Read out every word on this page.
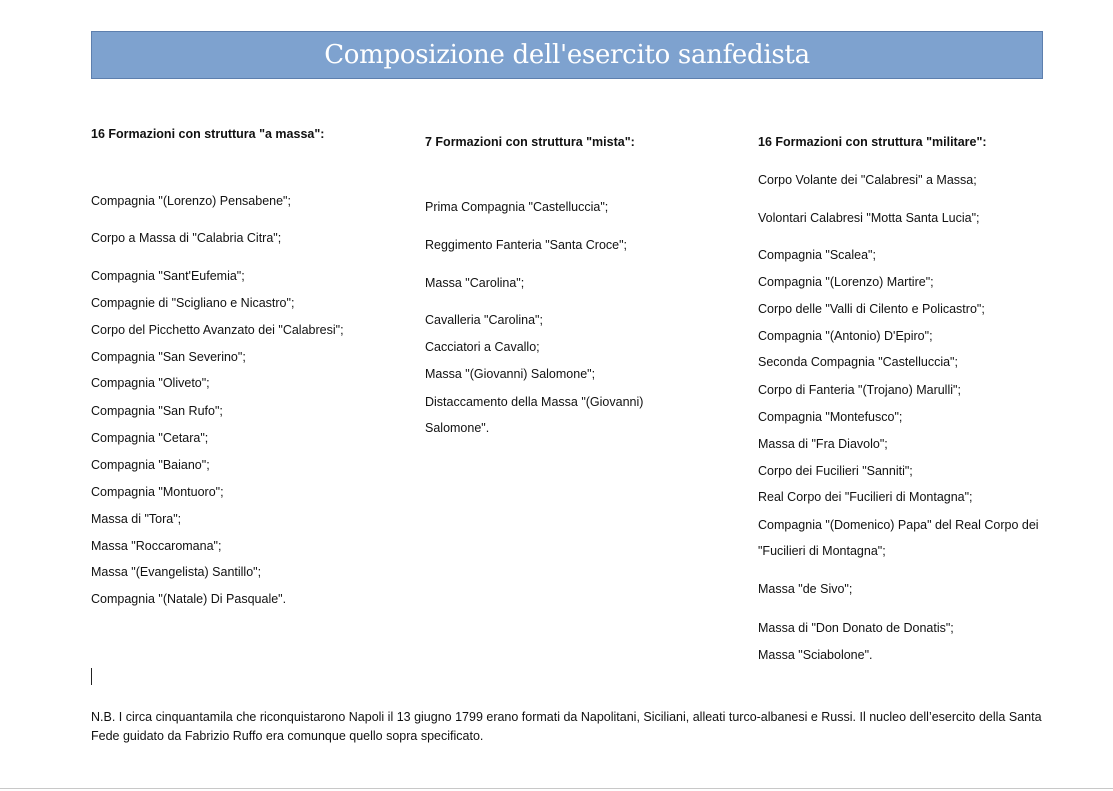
Composizione dell'esercito sanfedista
16 Formazioni con struttura "a massa":
Compagnia "(Lorenzo) Pensabene";
Corpo a Massa di "Calabria Citra";
Compagnia "Sant'Eufemia";
Compagnie di "Scigliano e Nicastro";
Corpo del Picchetto Avanzato dei "Calabresi";
Compagnia "San Severino";
Compagnia "Oliveto";
Compagnia "San Rufo";
Compagnia "Cetara";
Compagnia "Baiano";
Compagnia "Montuoro";
Massa di "Tora";
Massa "Roccaromana";
Massa "(Evangelista) Santillo";
Compagnia "(Natale) Di Pasquale".
7 Formazioni con struttura "mista":
Prima Compagnia "Castelluccia";
Reggimento Fanteria "Santa Croce";
Massa "Carolina";
Cavalleria "Carolina";
Cacciatori a Cavallo;
Massa "(Giovanni) Salomone";
Distaccamento della Massa "(Giovanni) Salomone".
16 Formazioni con struttura "militare":
Corpo Volante dei "Calabresi" a Massa;
Volontari Calabresi "Motta Santa Lucia";
Compagnia "Scalea";
Compagnia "(Lorenzo) Martire";
Corpo delle "Valli di Cilento e Policastro";
Compagnia "(Antonio) D'Epiro";
Seconda Compagnia "Castelluccia";
Corpo di Fanteria "(Trojano) Marulli";
Compagnia "Montefusco";
Massa di "Fra Diavolo";
Corpo dei Fucilieri "Sanniti";
Real Corpo dei "Fucilieri di Montagna";
Compagnia "(Domenico) Papa" del Real Corpo dei "Fucilieri di Montagna";
Massa "de Sivo";
Massa di "Don Donato de Donatis";
Massa "Sciabolone".
N.B. I circa cinquantamila che riconquistarono Napoli il 13 giugno 1799 erano formati da Napolitani, Siciliani, alleati turco-albanesi e Russi. Il nucleo dell’esercito della Santa Fede guidato da Fabrizio Ruffo era comunque quello sopra specificato.
